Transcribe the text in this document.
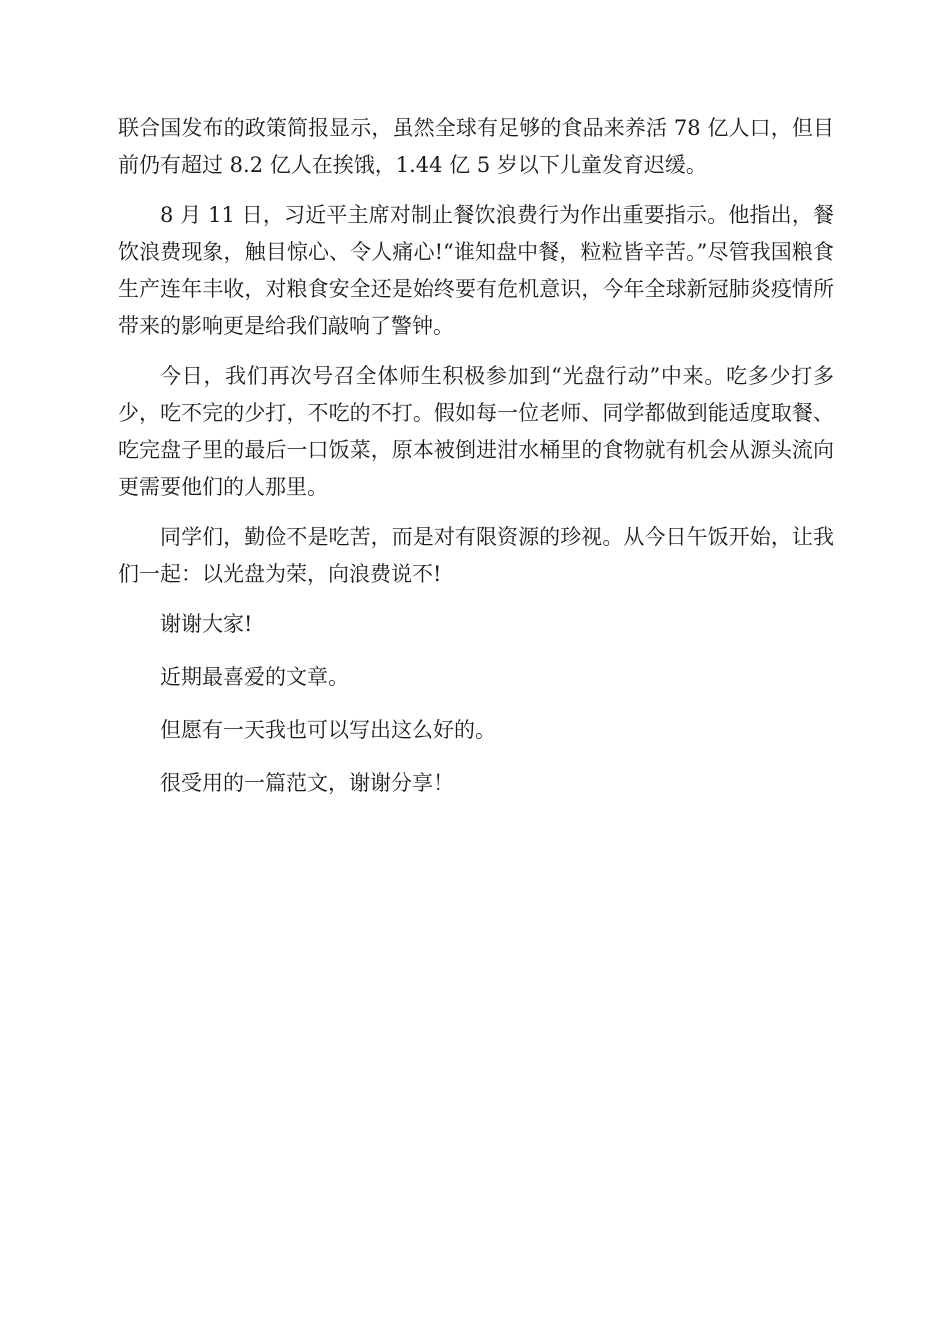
联合国发布的政策简报显示，虽然全球有足够的食品来养活 78 亿人口，但目前仍有超过 8.2 亿人在挨饿，1.44 亿 5 岁以下儿童发育迟缓。

8 月 11 日，习近平主席对制止餐饮浪费行为作出重要指示。他指出，餐饮浪费现象，触目惊心、令人痛心!“谁知盘中餐，粒粒皆辛苦。”尽管我国粮食生产连年丰收，对粮食安全还是始终要有危机意识，今年全球新冠肺炎疫情所带来的影响更是给我们敲响了警钟。

今日，我们再次号召全体师生积极参加到“光盘行动”中来。吃多少打多少，吃不完的少打，不吃的不打。假如每一位老师、同学都做到能适度取餐、吃完盘子里的最后一口饭菜，原本被倒进泔水桶里的食物就有机会从源头流向更需要他们的人那里。

同学们，勤俭不是吃苦，而是对有限资源的珍视。从今日午饭开始，让我们一起：以光盘为荣，向浪费说不!

谢谢大家!

近期最喜爱的文章。

但愿有一天我也可以写出这么好的。

很受用的一篇范文，谢谢分享！
